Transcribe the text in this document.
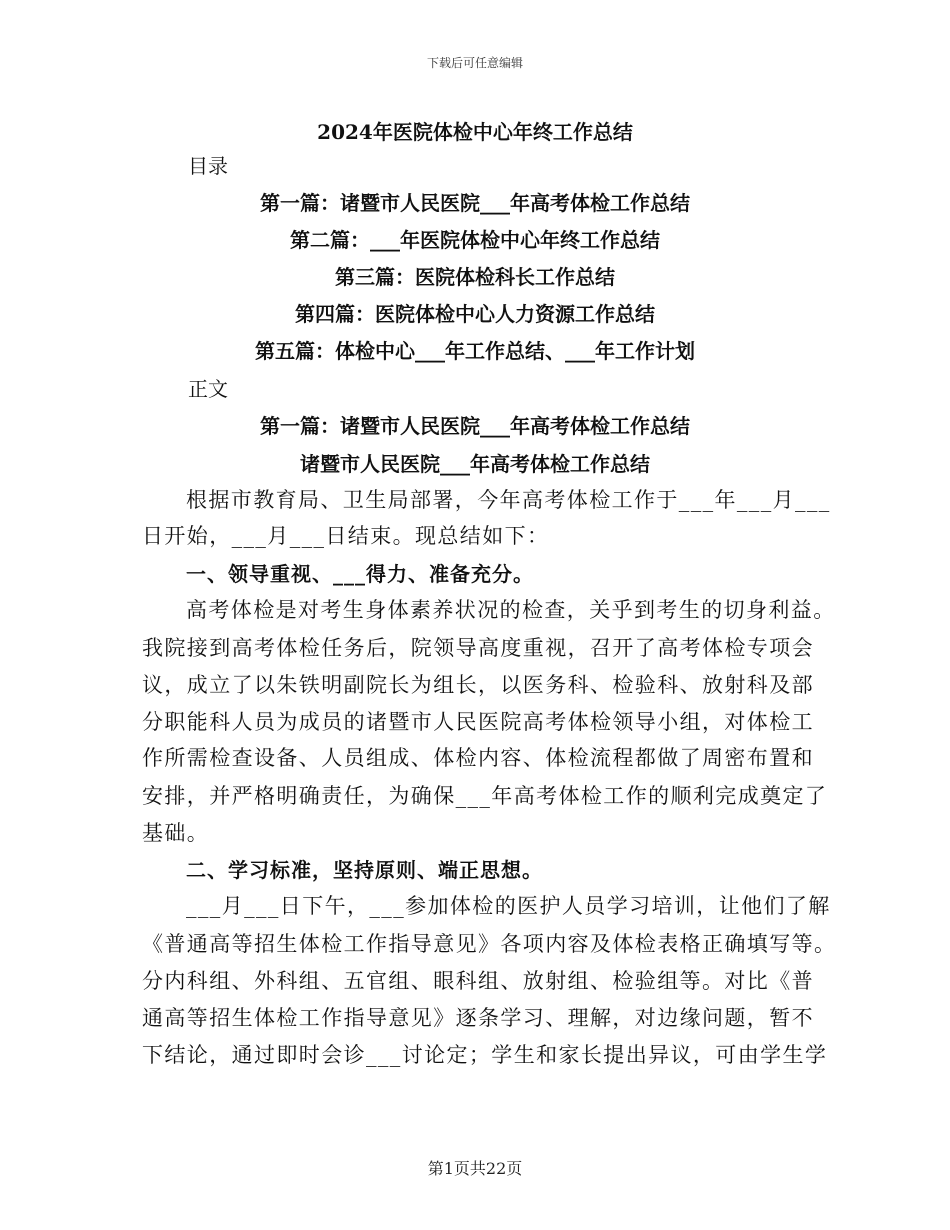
下载后可任意编辑
2024年医院体检中心年终工作总结
目录
第一篇：诸暨市人民医院___年高考体检工作总结
第二篇：___年医院体检中心年终工作总结
第三篇：医院体检科长工作总结
第四篇：医院体检中心人力资源工作总结
第五篇：体检中心___年工作总结、___年工作计划
正文
第一篇：诸暨市人民医院___年高考体检工作总结
诸暨市人民医院___年高考体检工作总结
根据市教育局、卫生局部署，今年高考体检工作于___年___月___
日开始，___月___日结束。现总结如下：
一、领导重视、___得力、准备充分。
高考体检是对考生身体素养状况的检查，关乎到考生的切身利益。
我院接到高考体检任务后，院领导高度重视，召开了高考体检专项会
议，成立了以朱铁明副院长为组长，以医务科、检验科、放射科及部
分职能科人员为成员的诸暨市人民医院高考体检领导小组，对体检工
作所需检查设备、人员组成、体检内容、体检流程都做了周密布置和
安排，并严格明确责任，为确保___年高考体检工作的顺利完成奠定了
基础。
二、学习标准，坚持原则、端正思想。
___月___日下午，___参加体检的医护人员学习培训，让他们了解
《普通高等招生体检工作指导意见》各项内容及体检表格正确填写等。
分内科组、外科组、五官组、眼科组、放射组、检验组等。对比《普
通高等招生体检工作指导意见》逐条学习、理解，对边缘问题，暂不
下结论，通过即时会诊___讨论定；学生和家长提出异议，可由学生学
第1页共22页
